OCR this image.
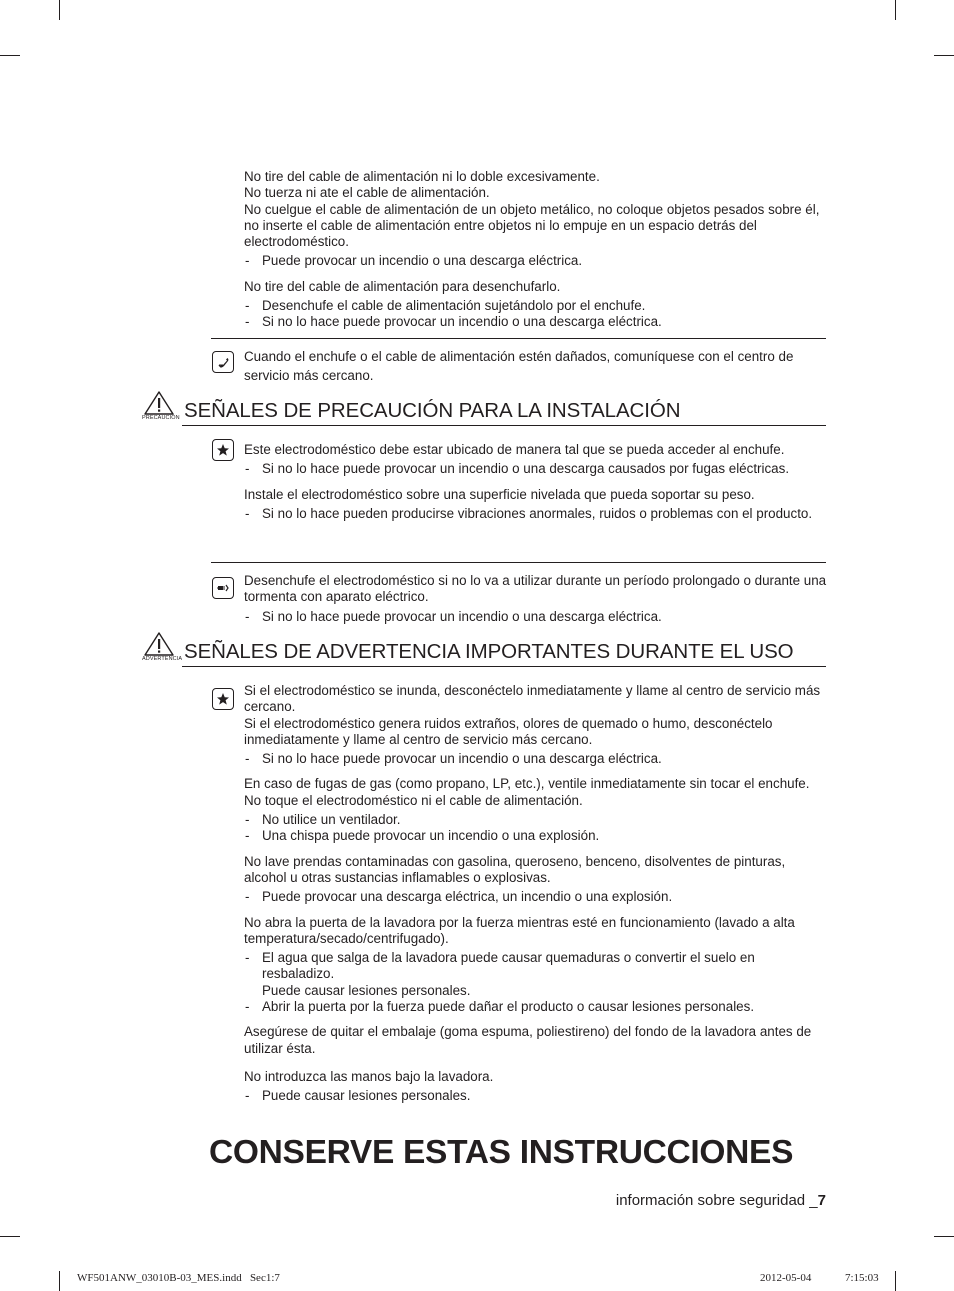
No tire del cable de alimentación ni lo doble excesivamente.

No tuerza ni ate el cable de alimentación.

No cuelgue el cable de alimentación de un objeto metálico, no coloque objetos pesados sobre él, no inserte el cable de alimentación entre objetos ni lo empuje en un espacio detrás del electrodoméstico.

- Puede provocar un incendio o una descarga eléctrica.

No tire del cable de alimentación para desenchufarlo.

- Desenchufe el cable de alimentación sujetándolo por el enchufe.

- Si no lo hace puede provocar un incendio o una descarga eléctrica.

Cuando el enchufe o el cable de alimentación estén dañados, comuníquese con el centro de servicio más cercano.

PRECAUCIÓN SEÑALES DE PRECAUCIÓN PARA LA INSTALACIÓN

Este electrodoméstico debe estar ubicado de manera tal que se pueda acceder al enchufe.

- Si no lo hace puede provocar un incendio o una descarga causados por fugas eléctricas.

Instale el electrodoméstico sobre una superficie nivelada que pueda soportar su peso.

- Si no lo hace pueden producirse vibraciones anormales, ruidos o problemas con el producto.

Desenchufe el electrodoméstico si no lo va a utilizar durante un período prolongado o durante una tormenta con aparato eléctrico.

- Si no lo hace puede provocar un incendio o una descarga eléctrica.

ADVERTENCIA SEÑALES DE ADVERTENCIA IMPORTANTES DURANTE EL USO

Si el electrodoméstico se inunda, desconéctelo inmediatamente y llame al centro de servicio más cercano.

Si el electrodoméstico genera ruidos extraños, olores de quemado o humo, desconéctelo inmediatamente y llame al centro de servicio más cercano.

- Si no lo hace puede provocar un incendio o una descarga eléctrica.

En caso de fugas de gas (como propano, LP, etc.), ventile inmediatamente sin tocar el enchufe. No toque el electrodoméstico ni el cable de alimentación.

- No utilice un ventilador.

- Una chispa puede provocar un incendio o una explosión.

No lave prendas contaminadas con gasolina, queroseno, benceno, disolventes de pinturas, alcohol u otras sustancias inflamables o explosivas.

- Puede provocar una descarga eléctrica, un incendio o una explosión.

No abra la puerta de la lavadora por la fuerza mientras esté en funcionamiento (lavado a alta temperatura/secado/centrifugado).

- El agua que salga de la lavadora puede causar quemaduras o convertir el suelo en resbaladizo.
Puede causar lesiones personales.

- Abrir la puerta por la fuerza puede dañar el producto o causar lesiones personales.

Asegúrese de quitar el embalaje (goma espuma, poliestireno) del fondo de la lavadora antes de utilizar ésta.

No introduzca las manos bajo la lavadora.

- Puede causar lesiones personales.

CONSERVE ESTAS INSTRUCCIONES
información sobre seguridad _7
WF501ANW_03010B-03_MES.indd   Sec1:7	2012-05-04	7:15:03
